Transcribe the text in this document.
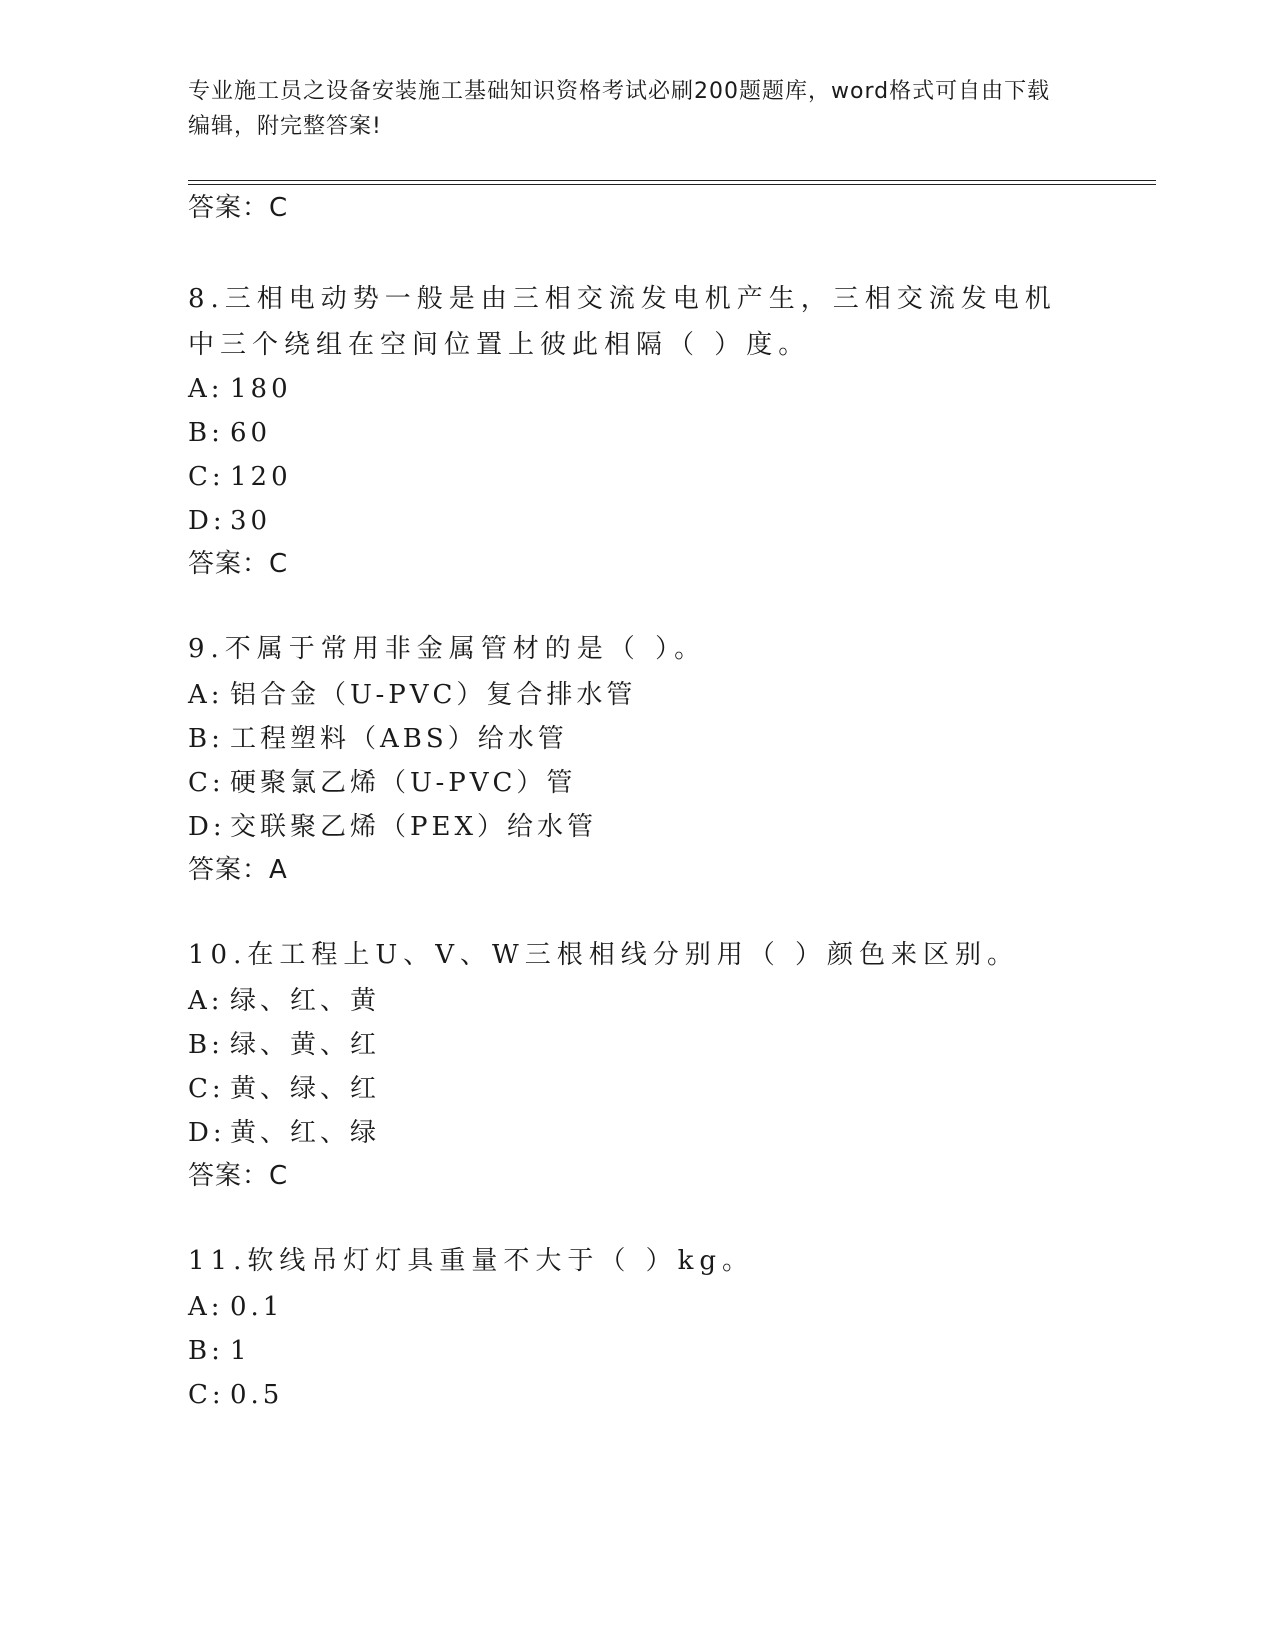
专业施工员之设备安装施工基础知识资格考试必刷200题题库，word格式可自由下载编辑，附完整答案!
答案：C
8.三相电动势一般是由三相交流发电机产生，三相交流发电机中三个绕组在空间位置上彼此相隔（ ）度。
A: 180
B: 60
C: 120
D: 30
答案：C
9.不属于常用非金属管材的是（ ）。
A: 铝合金（U-PVC）复合排水管
B: 工程塑料（ABS）给水管
C: 硬聚氯乙烯（U-PVC）管
D: 交联聚乙烯（PEX）给水管
答案：A
10.在工程上U、V、W三根相线分别用（ ）颜色来区别。
A: 绿、红、黄
B: 绿、黄、红
C: 黄、绿、红
D: 黄、红、绿
答案：C
11.软线吊灯灯具重量不大于（ ）kg。
A: 0.1
B: 1
C: 0.5
